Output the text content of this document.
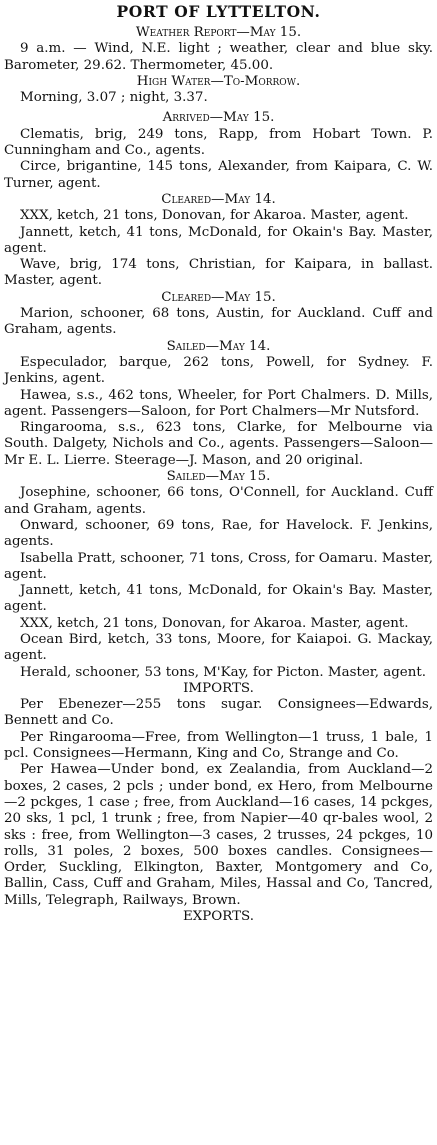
PORT OF LYTTELTON.

Weather Report—May 15.

9 a.m. — Wind, N.E. light ; weather, clear and blue sky. Barometer, 29.62. Thermometer, 45.00.

High Water—To-Morrow.

Morning, 3.07 ; night, 3.37.

Arrived—May 15.

Clematis, brig, 249 tons, Rapp, from Hobart Town. P. Cunningham and Co., agents.

Circe, brigantine, 145 tons, Alexander, from Kaipara, C. W. Turner, agent.

Cleared—May 14.

XXX, ketch, 21 tons, Donovan, for Akaroa. Master, agent.

Jannett, ketch, 41 tons, McDonald, for Okain's Bay. Master, agent.

Wave, brig, 174 tons, Christian, for Kaipara, in ballast. Master, agent.

Cleared—May 15.

Marion, schooner, 68 tons, Austin, for Auckland. Cuff and Graham, agents.

Sailed—May 14.

Especulador, barque, 262 tons, Powell, for Sydney. F. Jenkins, agent.

Hawea, s.s., 462 tons, Wheeler, for Port Chalmers. D. Mills, agent. Passengers—Saloon, for Port Chalmers—Mr Nutsford.

Ringarooma, s.s., 623 tons, Clarke, for Melbourne via South. Dalgety, Nichols and Co., agents. Passengers—Saloon—Mr E. L. Lierre. Steerage—J. Mason, and 20 original.

Sailed—May 15.

Josephine, schooner, 66 tons, O'Connell, for Auckland. Cuff and Graham, agents.

Onward, schooner, 69 tons, Rae, for Havelock. F. Jenkins, agents.

Isabella Pratt, schooner, 71 tons, Cross, for Oamaru. Master, agent.

Jannett, ketch, 41 tons, McDonald, for Okain's Bay. Master, agent.

XXX, ketch, 21 tons, Donovan, for Akaroa. Master, agent.

Ocean Bird, ketch, 33 tons, Moore, for Kaiapoi. G. Mackay, agent.

Herald, schooner, 53 tons, M'Kay, for Picton. Master, agent.

IMPORTS.

Per Ebenezer—255 tons sugar. Consignees—Edwards, Bennett and Co.

Per Ringarooma—Free, from Wellington—1 truss, 1 bale, 1 pcl. Consignees—Hermann, King and Co, Strange and Co.

Per Hawea—Under bond, ex Zealandia, from Auckland—2 boxes, 2 cases, 2 pcls ; under bond, ex Hero, from Melbourne—2 pckges, 1 case ; free, from Auckland—16 cases, 14 pckges, 20 sks, 1 pcl, 1 trunk ; free, from Napier—40 qr-bales wool, 2 sks : free, from Wellington—3 cases, 2 trusses, 24 pckges, 10 rolls, 31 poles, 2 boxes, 500 boxes candles. Consignees—Order, Suckling, Elkington, Baxter, Montgomery and Co, Ballin, Cass, Cuff and Graham, Miles, Hassal and Co, Tancred, Mills, Telegraph, Railways, Brown.

EXPORTS.
